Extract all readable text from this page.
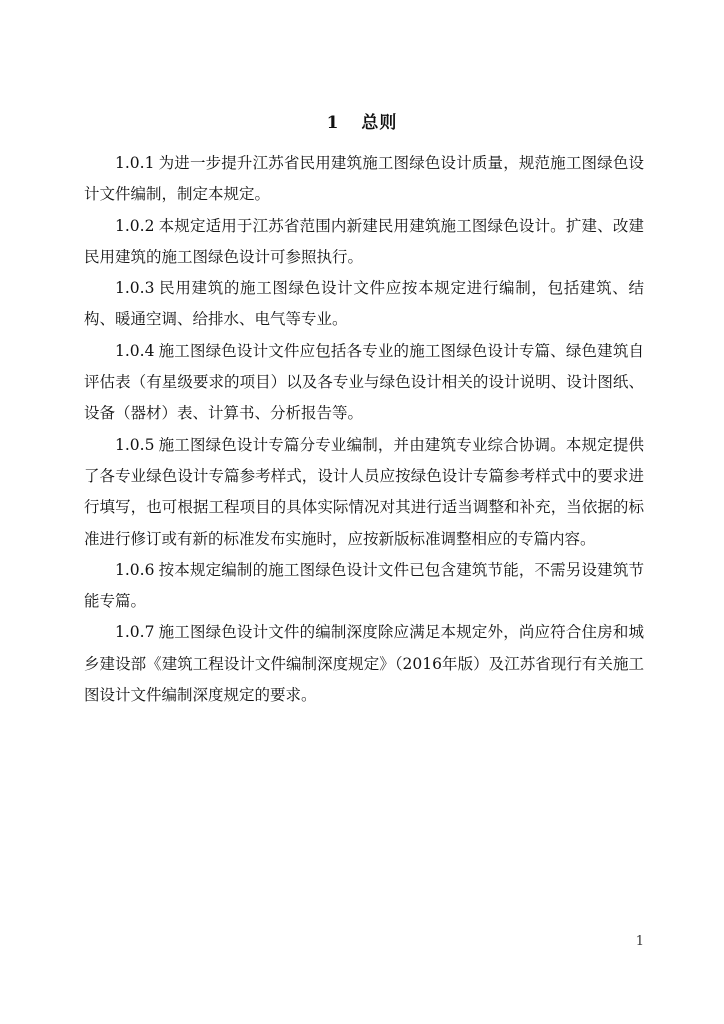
1 总则

1.0.1 为进一步提升江苏省民用建筑施工图绿色设计质量，规范施工图绿色设计文件编制，制定本规定。

1.0.2 本规定适用于江苏省范围内新建民用建筑施工图绿色设计。扩建、改建民用建筑的施工图绿色设计可参照执行。

1.0.3 民用建筑的施工图绿色设计文件应按本规定进行编制，包括建筑、结构、暖通空调、给排水、电气等专业。

1.0.4 施工图绿色设计文件应包括各专业的施工图绿色设计专篇、绿色建筑自评估表（有星级要求的项目）以及各专业与绿色设计相关的设计说明、设计图纸、设备（器材）表、计算书、分析报告等。

1.0.5 施工图绿色设计专篇分专业编制，并由建筑专业综合协调。本规定提供了各专业绿色设计专篇参考样式，设计人员应按绿色设计专篇参考样式中的要求进行填写，也可根据工程项目的具体实际情况对其进行适当调整和补充，当依据的标准进行修订或有新的标准发布实施时，应按新版标准调整相应的专篇内容。

1.0.6 按本规定编制的施工图绿色设计文件已包含建筑节能，不需另设建筑节能专篇。

1.0.7 施工图绿色设计文件的编制深度除应满足本规定外，尚应符合住房和城乡建设部《建筑工程设计文件编制深度规定》（2016年版）及江苏省现行有关施工图设计文件编制深度规定的要求。

1
